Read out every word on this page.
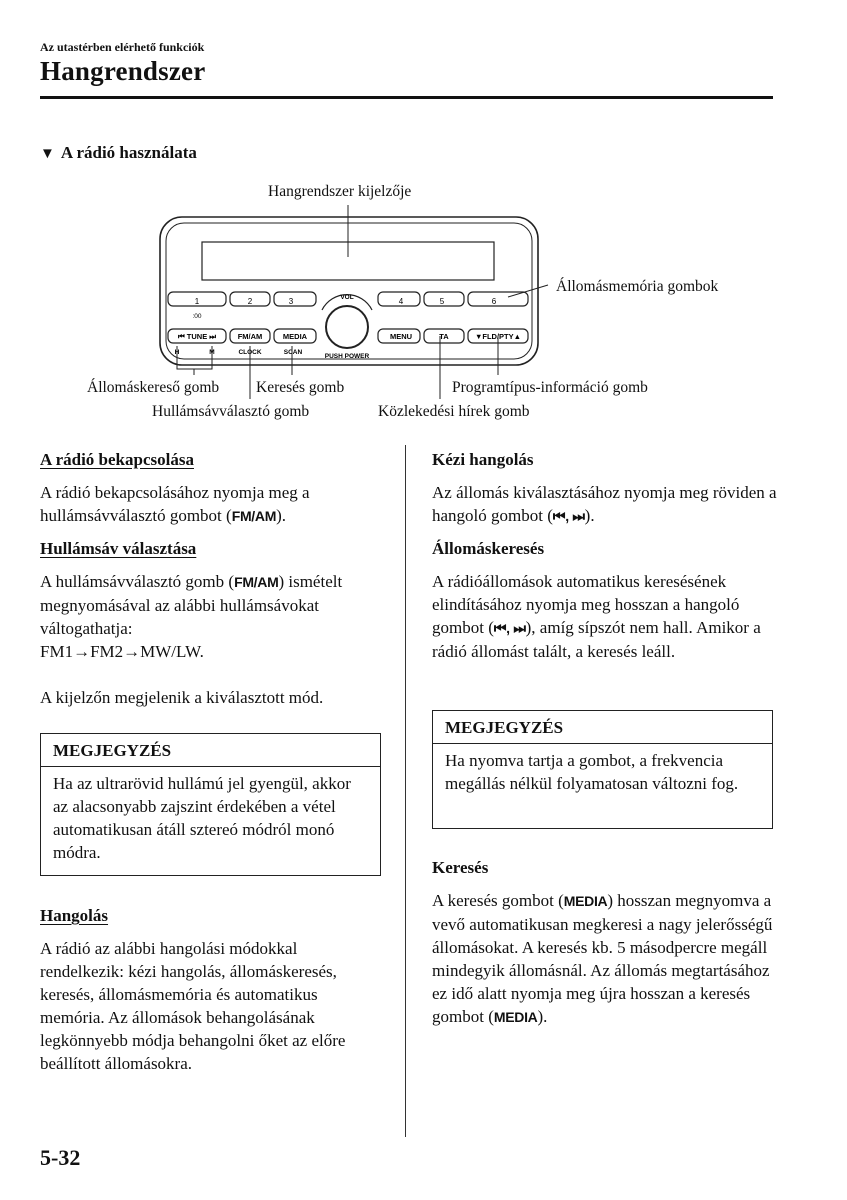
Az utastérben elérhető funkciók
Hangrendszer
▼ A rádió használata
1	2	3	4	5	6
:00
VOL
⏮ TUNE ⏭	FM/AM	MEDIA	MENU	TA	▼FLD/PTY▲
H	M	CLOCK	SCAN
PUSH POWER
Hangrendszer kijelzője
Állomásmemória gombok
Állomáskereső gomb Keresés gomb
Hullámsávválasztó gomb
Programtípus-információ gomb
Közlekedési hírek gomb

A rádió bekapcsolása

A rádió bekapcsolásához nyomja meg a hullámsávválasztó gombot (FM/AM).

Hullámsáv választása

A hullámsávválasztó gomb (FM/AM) ismételt megnyomásával az alábbi hullámsávokat váltogathatja:
FM1→FM2→MW/LW.

A kijelzőn megjelenik a kiválasztott mód.

MEGJEGYZÉS
Ha az ultrarövid hullámú jel gyengül, akkor az alacsonyabb zajszint érdekében a vétel automatikusan átáll sztereó módról monó módra.

Hangolás

A rádió az alábbi hangolási módokkal rendelkezik: kézi hangolás, állomáskeresés, keresés, állomásmemória és automatikus memória. Az állomások behangolásának legkönnyebb módja behangolni őket az előre beállított állomásokra.

Kézi hangolás

Az állomás kiválasztásához nyomja meg röviden a hangoló gombot (⏮, ⏭).

Állomáskeresés

A rádióállomások automatikus keresésének elindításához nyomja meg hosszan a hangoló gombot (⏮, ⏭), amíg sípszót nem hall. Amikor a rádió állomást talált, a keresés leáll.

MEGJEGYZÉS
Ha nyomva tartja a gombot, a frekvencia megállás nélkül folyamatosan változni fog.

Keresés

A keresés gombot (MEDIA) hosszan megnyomva a vevő automatikusan megkeresi a nagy jelerősségű állomásokat. A keresés kb. 5 másodpercre megáll mindegyik állomásnál. Az állomás megtartásához ez idő alatt nyomja meg újra hosszan a keresés gombot (MEDIA).

5-32
